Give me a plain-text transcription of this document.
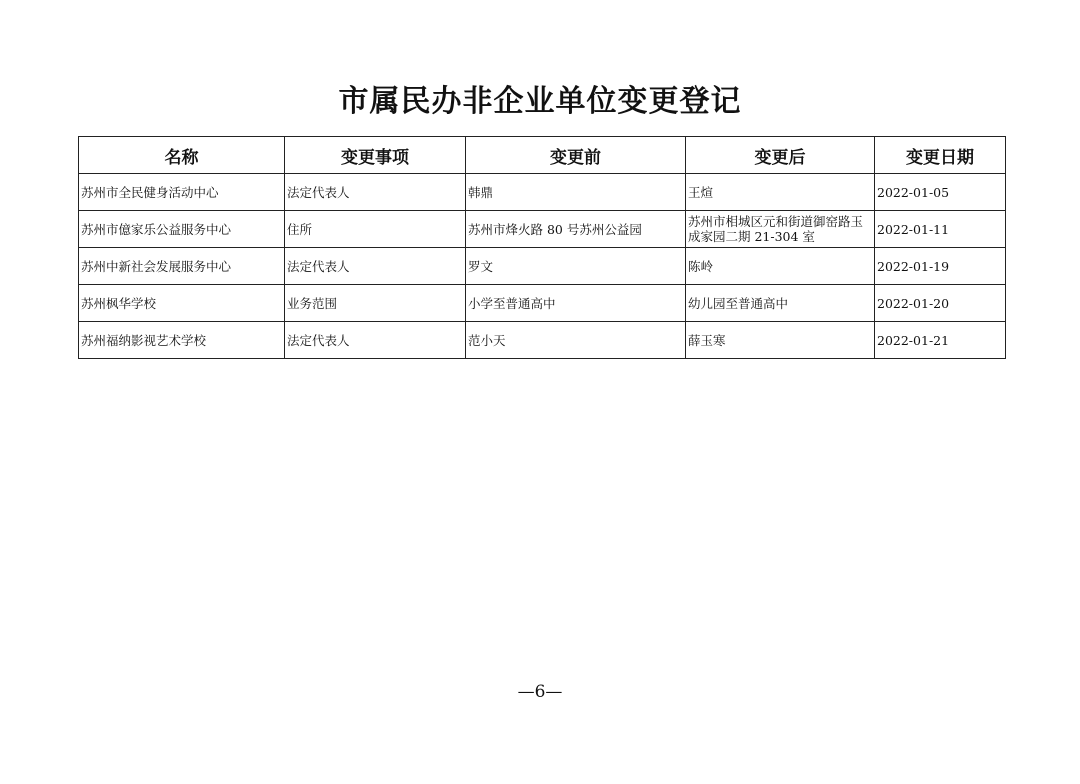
市属民办非企业单位变更登记
名称	变更事项	变更前	变更后	变更日期
苏州市全民健身活动中心	法定代表人	韩鼎	王煊	2022-01-05
苏州市億家乐公益服务中心	住所	苏州市烽火路 80 号苏州公益园	苏州市相城区元和街道御窑路玉成家园二期 21-304 室	2022-01-11
苏州中新社会发展服务中心	法定代表人	罗文	陈岭	2022-01-19
苏州枫华学校	业务范围	小学至普通高中	幼儿园至普通高中	2022-01-20
苏州福纳影视艺术学校	法定代表人	范小天	薛玉寒	2022-01-21
—6—
